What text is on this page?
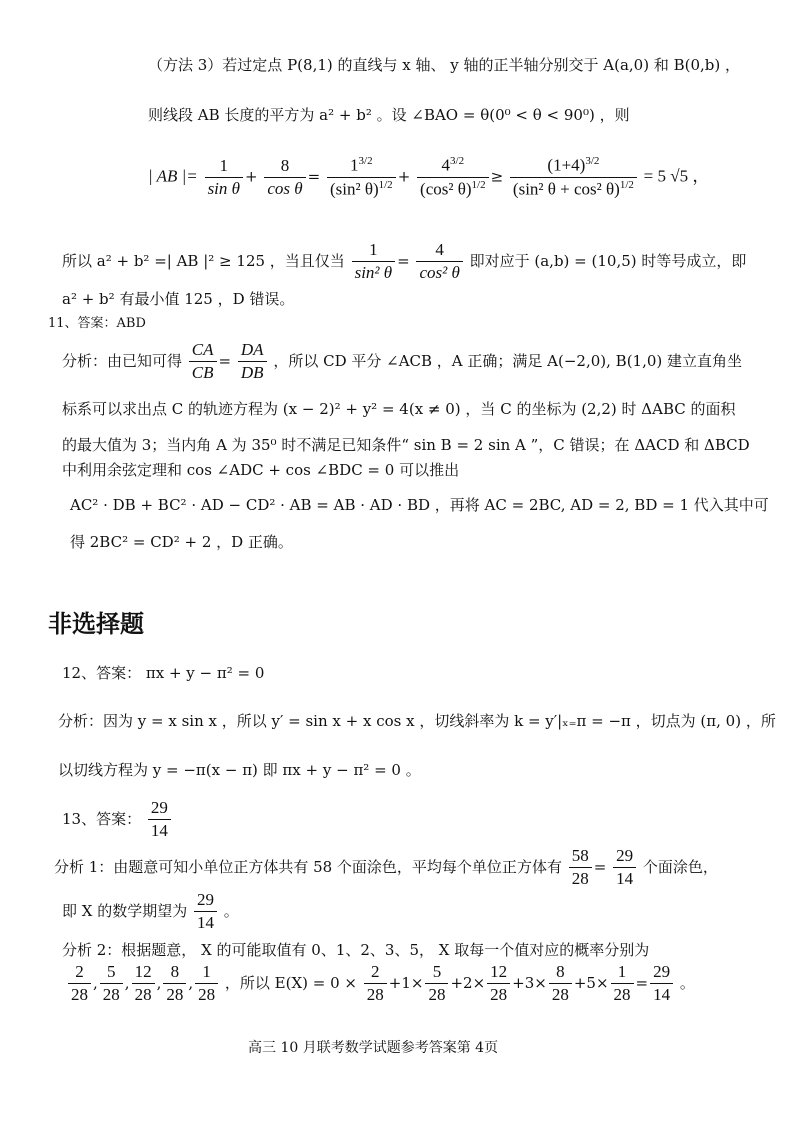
（方法 3）若过定点 P(8,1) 的直线与 x 轴、 y 轴的正半轴分别交于 A(a,0) 和 B(0,b) ，
则线段 AB 长度的平方为 a² + b² 。设 ∠BAO = θ(0⁰ < θ < 90⁰) ，则
| AB |= $\frac{1}{\text{sin θ}} + \frac{8}{\text{cos θ}} = \frac{1^{3/2}}{(\sin^2 \theta)^{1/2}} + \frac{4^{3/2}}{(\cos^2 \theta)^{1/2}} \ge \frac{(1+4)^{3/2}}{(\sin^2 \theta + \cos^2 \theta)^{1/2}} = 5$ √5 ，
所以 a² + b² =| AB |² ≥ 125 ，当且仅当 $\frac{1}{\text{sin² θ}} = \frac{4}{\text{cos² θ}}$ 即对应于 (a,b) = (10,5) 时等号成立，即
a² + b² 有最小值 125 ，D 错误。
11、答案：ABD
分析：由已知可得 $\frac{CA}{CB} = \frac{DA}{DB}$ ，所以 CD 平分 ∠ACB ，A 正确；满足 A(−2,0), B(1,0) 建立直角坐
标系可以求出点 C 的轨迹方程为 (x − 2)² + y² = 4(x ≠ 0) ，当 C 的坐标为 (2,2) 时 ΔABC 的面积
的最大值为 3；当内角 A 为 35⁰ 时不满足已知条件“ sin B = 2 sin A ”，C 错误；在 ΔACD 和 ΔBCD
中利用余弦定理和 cos ∠ADC + cos ∠BDC = 0 可以推出
AC² · DB + BC² · AD − CD² · AB = AB · AD · BD ，再将 AC = 2BC, AD = 2, BD = 1 代入其中可
得 2BC² = CD² + 2 ，D 正确。
非选择题
12、答案： πx + y − π² = 0
分析：因为 y = x sin x ，所以 y′ = sin x + x cos x ，切线斜率为 k = y′|ₓ₌π = −π ，切点为 (π, 0) ，所
以切线方程为 y = −π(x − π) 即 πx + y − π² = 0 。
13、答案： $\frac{29}{14}$
分析 1：由题意可知小单位正方体共有 58 个面涂色，平均每个单位正方体有 $\frac{58}{28} = \frac{29}{14}$ 个面涂色，
即 X 的数学期望为 $\frac{29}{14}$ 。
分析 2：根据题意， X 的可能取值有 0、1、2、3、5， X 取每一个值对应的概率分别为
$\frac{2}{28}$ , $\frac{5}{28}$ , $\frac{12}{28}$ , $\frac{8}{28}$ , $\frac{1}{28}$ ，所以 $E(X) = 0 \times \frac{2}{28} +1\times \frac{5}{28} +2\times \frac{12}{28} +3\times \frac{8}{28} +5\times \frac{1}{28} = \frac{29}{14}$ 。
高三 10 月联考数学试题参考答案第 4页
